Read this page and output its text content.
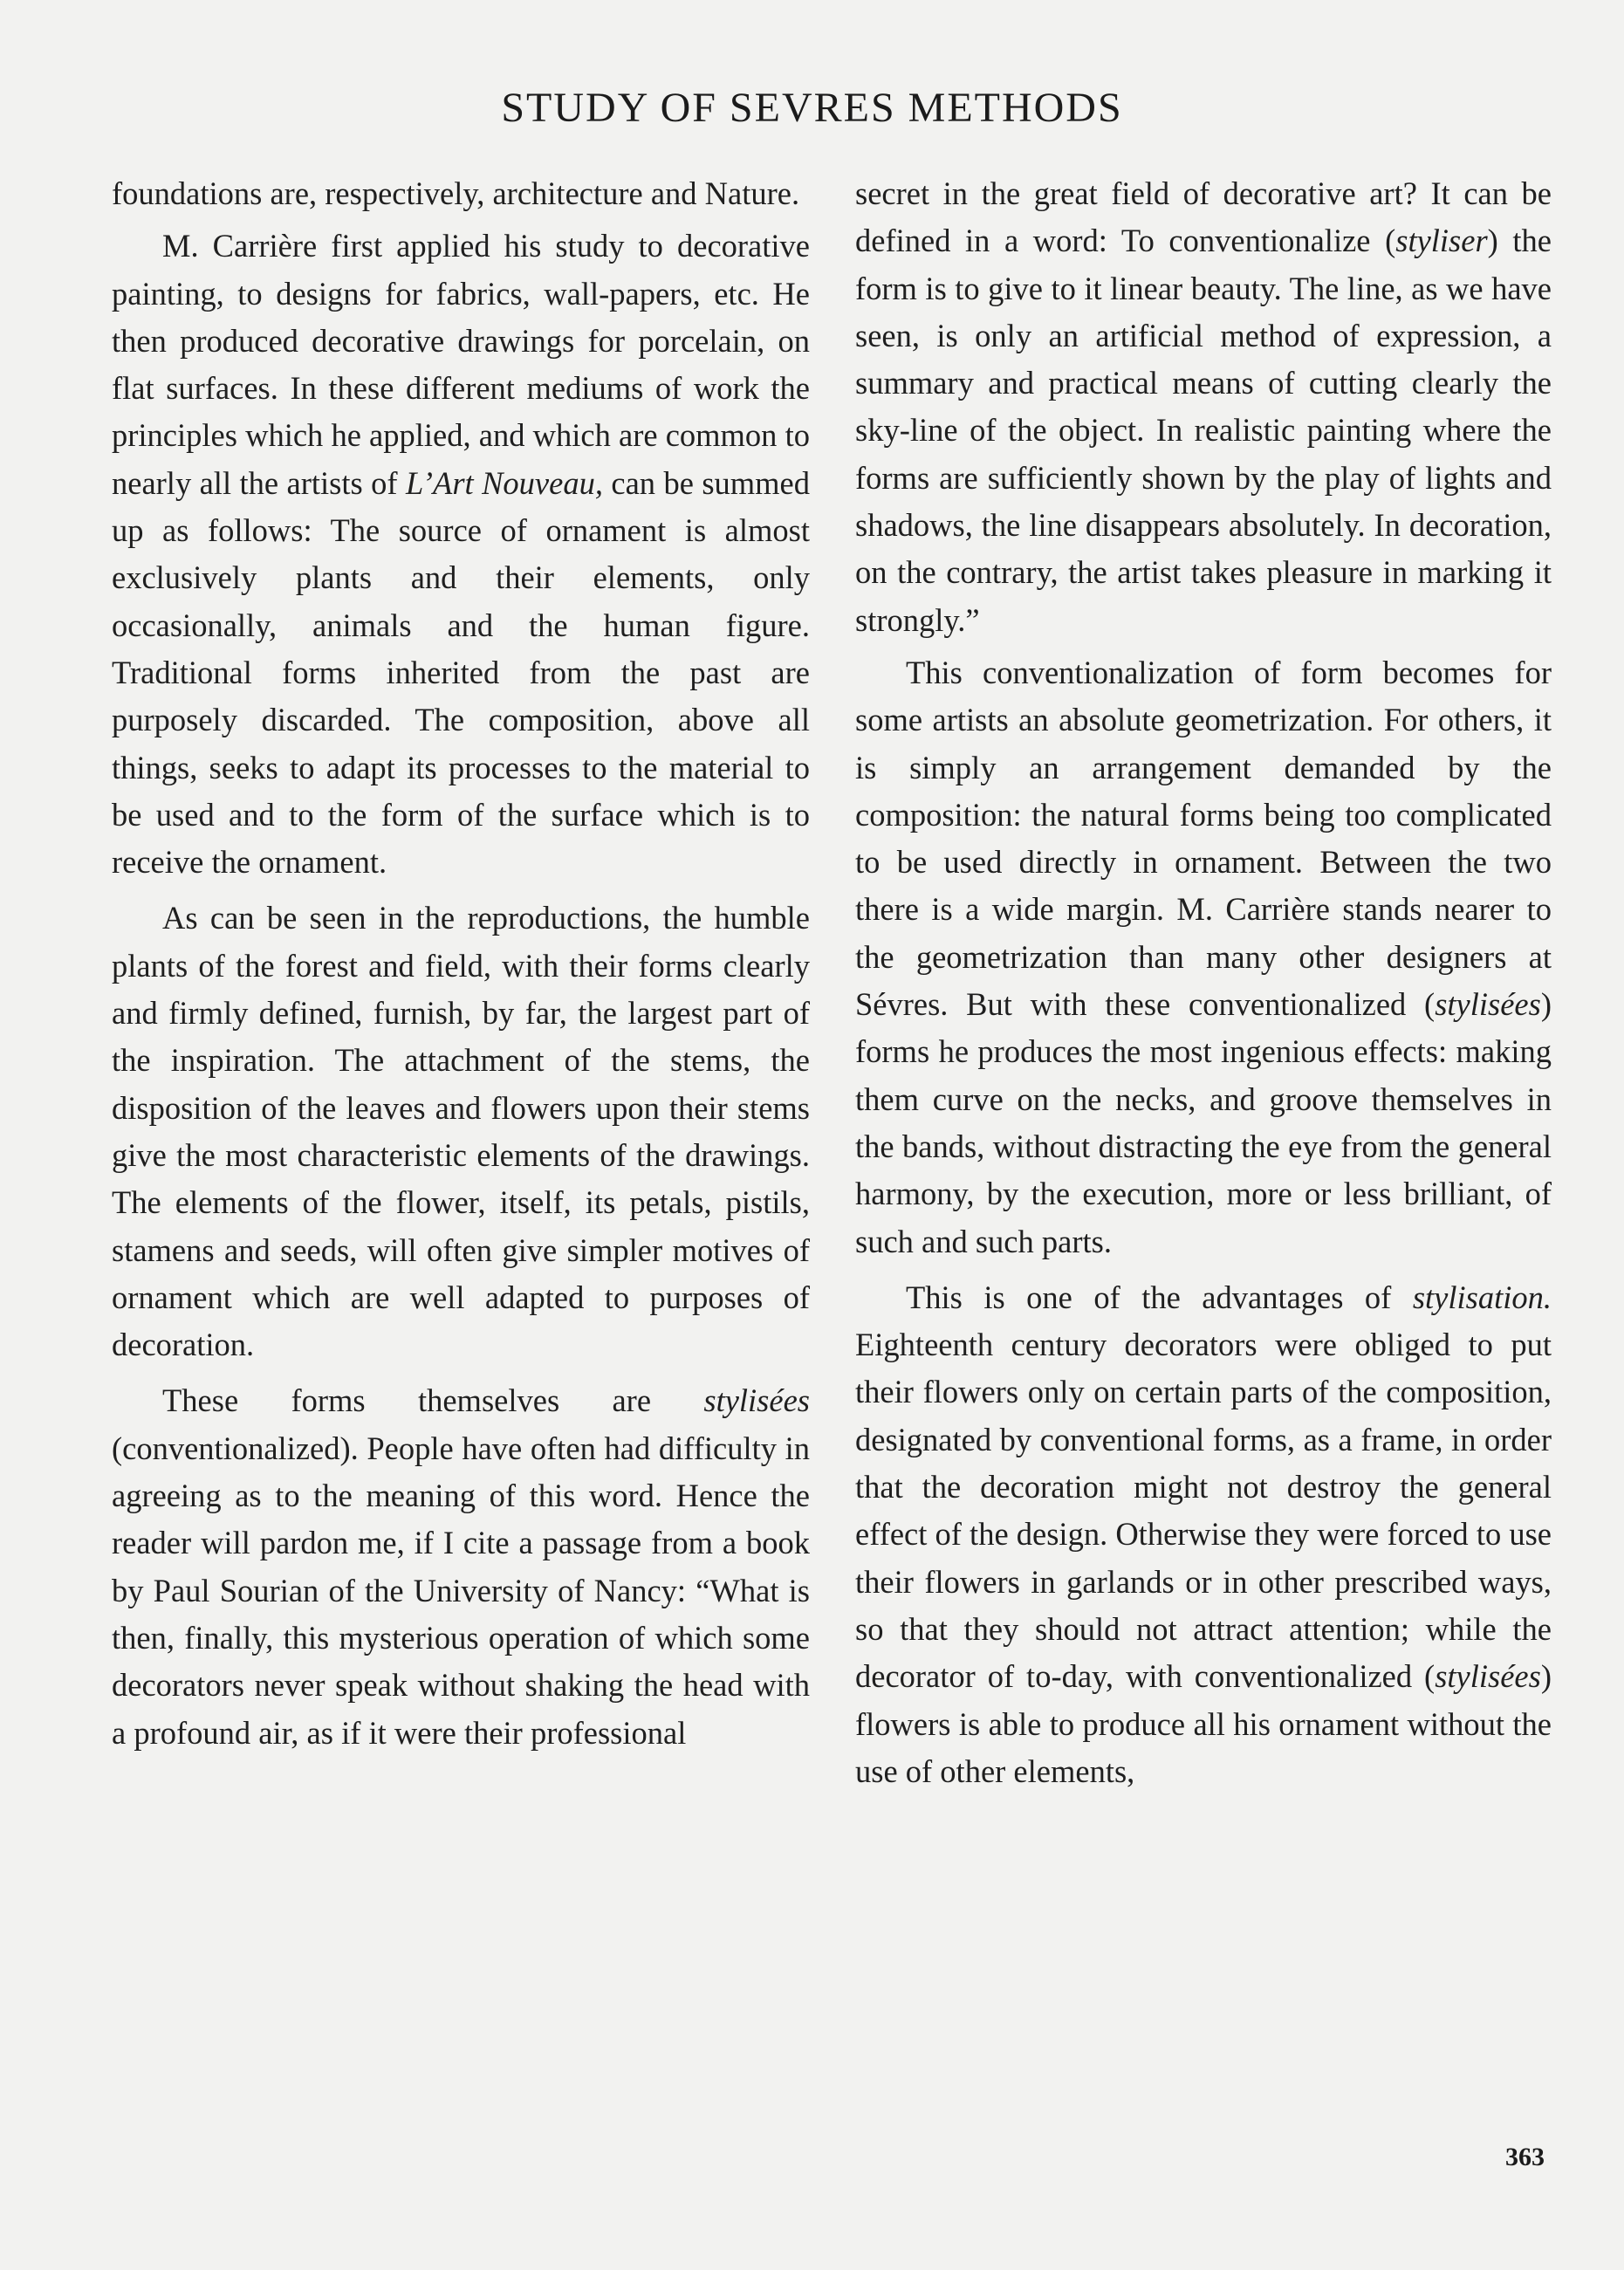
STUDY OF SEVRES METHODS

foundations are, respectively, architecture and Nature.

M. Carrière first applied his study to decorative painting, to designs for fabrics, wall-papers, etc. He then produced decorative drawings for porcelain, on flat surfaces. In these different mediums of work the principles which he applied, and which are common to nearly all the artists of L’Art Nouveau, can be summed up as follows: The source of ornament is almost exclusively plants and their elements, only occasionally, animals and the human figure. Traditional forms inherited from the past are purposely discarded. The composition, above all things, seeks to adapt its processes to the material to be used and to the form of the surface which is to receive the ornament.

As can be seen in the reproductions, the humble plants of the forest and field, with their forms clearly and firmly defined, furnish, by far, the largest part of the inspiration. The attachment of the stems, the disposition of the leaves and flowers upon their stems give the most characteristic elements of the drawings. The elements of the flower, itself, its petals, pistils, stamens and seeds, will often give simpler motives of ornament which are well adapted to purposes of decoration.

These forms themselves are stylisées (conventionalized). People have often had difficulty in agreeing as to the meaning of this word. Hence the reader will pardon me, if I cite a passage from a book by Paul Sourian of the University of Nancy: “What is then, finally, this mysterious operation of which some decorators never speak without shaking the head with a profound air, as if it were their professional

secret in the great field of decorative art? It can be defined in a word: To conventionalize (styliser) the form is to give to it linear beauty. The line, as we have seen, is only an artificial method of expression, a summary and practical means of cutting clearly the sky-line of the object. In realistic painting where the forms are sufficiently shown by the play of lights and shadows, the line disappears absolutely. In decoration, on the contrary, the artist takes pleasure in marking it strongly.”

This conventionalization of form becomes for some artists an absolute geometrization. For others, it is simply an arrangement demanded by the composition: the natural forms being too complicated to be used directly in ornament. Between the two there is a wide margin. M. Carrière stands nearer to the geometrization than many other designers at Sévres. But with these conventionalized (stylisées) forms he produces the most ingenious effects: making them curve on the necks, and groove themselves in the bands, without distracting the eye from the general harmony, by the execution, more or less brilliant, of such and such parts.

This is one of the advantages of stylisation. Eighteenth century decorators were obliged to put their flowers only on certain parts of the composition, designated by conventional forms, as a frame, in order that the decoration might not destroy the general effect of the design. Otherwise they were forced to use their flowers in garlands or in other prescribed ways, so that they should not attract attention; while the decorator of to-day, with conventionalized (stylisées) flowers is able to produce all his ornament without the use of other elements,

363
